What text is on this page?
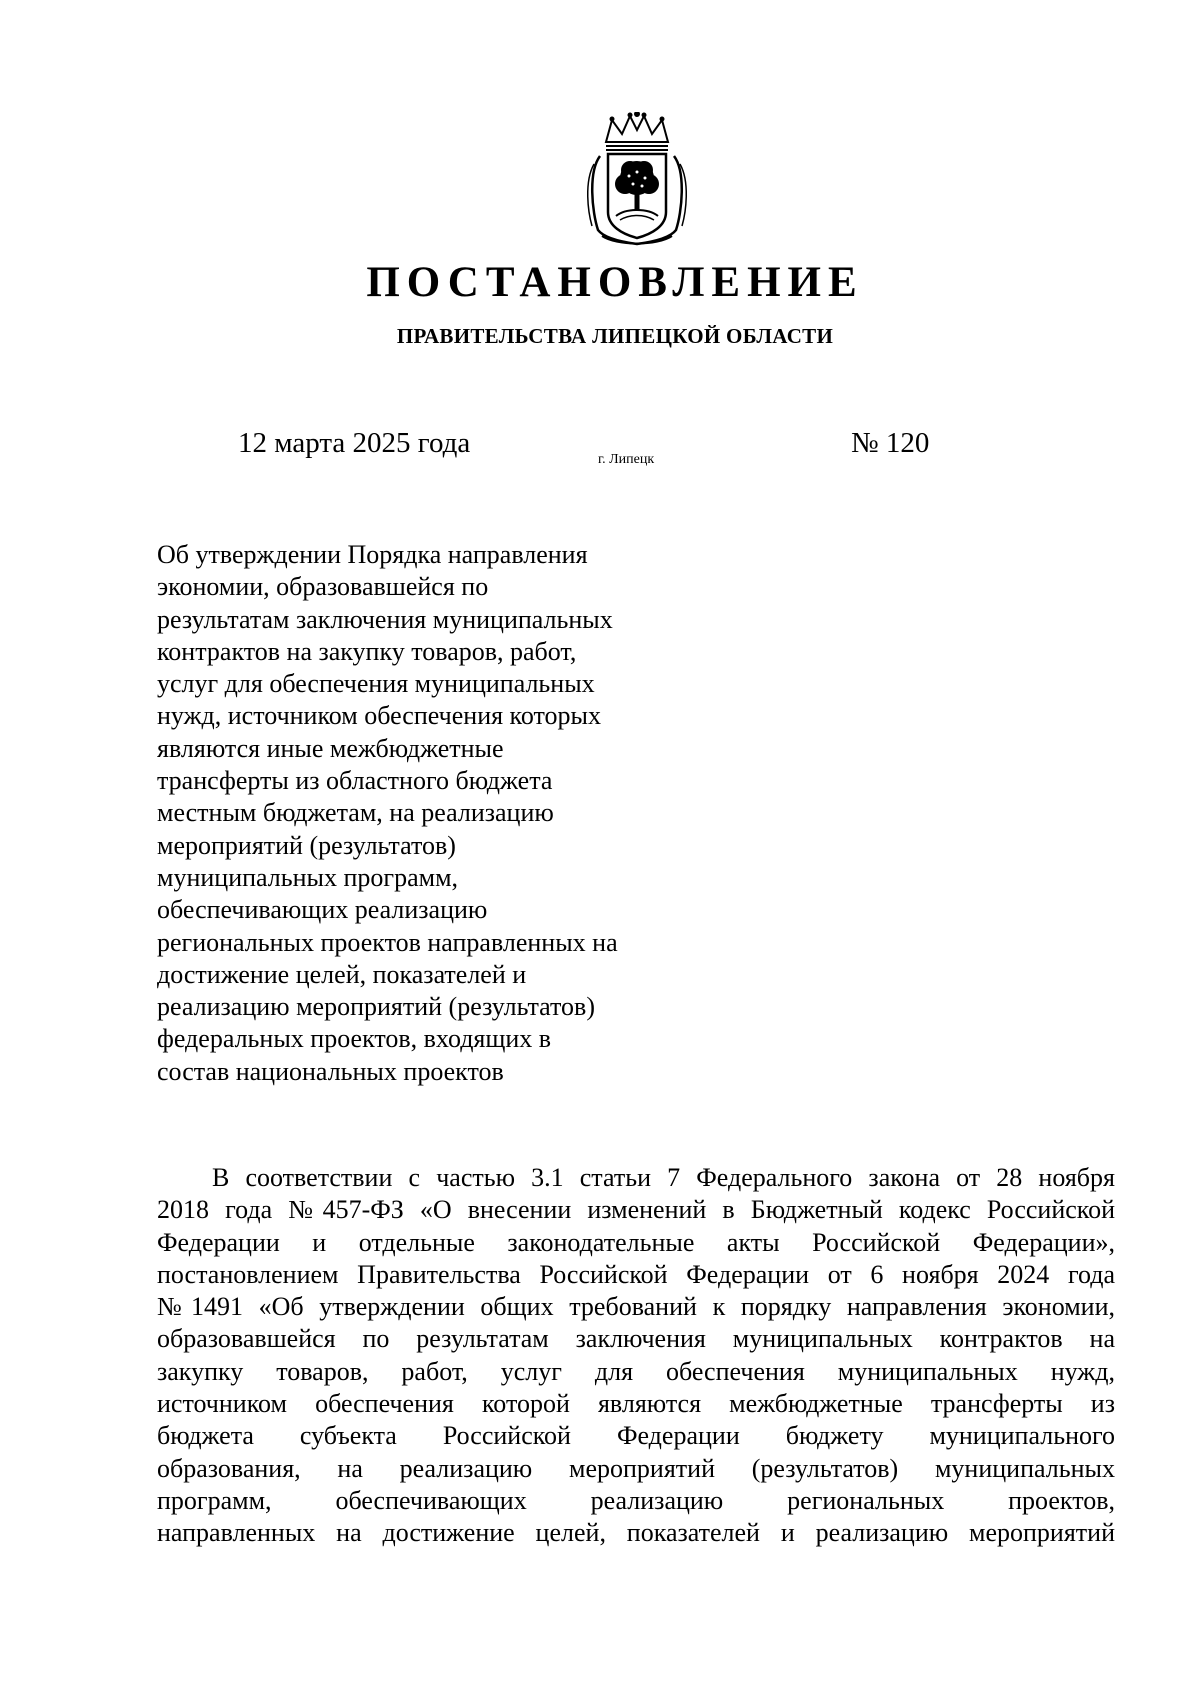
ПОСТАНОВЛЕНИЕ
ПРАВИТЕЛЬСТВА ЛИПЕЦКОЙ ОБЛАСТИ
12 марта 2025 года
г. Липецк
№ 120
Об утверждении Порядка направления
экономии, образовавшейся по
результатам заключения муниципальных
контрактов на закупку товаров, работ,
услуг для обеспечения муниципальных
нужд, источником обеспечения которых
являются иные межбюджетные
трансферты из областного бюджета
местным бюджетам, на реализацию
мероприятий (результатов)
муниципальных программ,
обеспечивающих реализацию
региональных проектов направленных на
достижение целей, показателей и
реализацию мероприятий (результатов)
федеральных проектов, входящих в
состав национальных проектов
В соответствии с частью 3.1 статьи 7 Федерального закона от 28 ноября
2018 года №457-ФЗ «О внесении изменений в Бюджетный кодекс Российской
Федерации и отдельные законодательные акты Российской Федерации»,
постановлением Правительства Российской Федерации от 6 ноября 2024 года
№1491 «Об утверждении общих требований к порядку направления экономии,
образовавшейся по результатам заключения муниципальных контрактов на
закупку товаров, работ, услуг для обеспечения муниципальных нужд,
источником обеспечения которой являются межбюджетные трансферты из
бюджета субъекта Российской Федерации бюджету муниципального
образования, на реализацию мероприятий (результатов) муниципальных
программ, обеспечивающих реализацию региональных проектов,
направленных на достижение целей, показателей и реализацию мероприятий
